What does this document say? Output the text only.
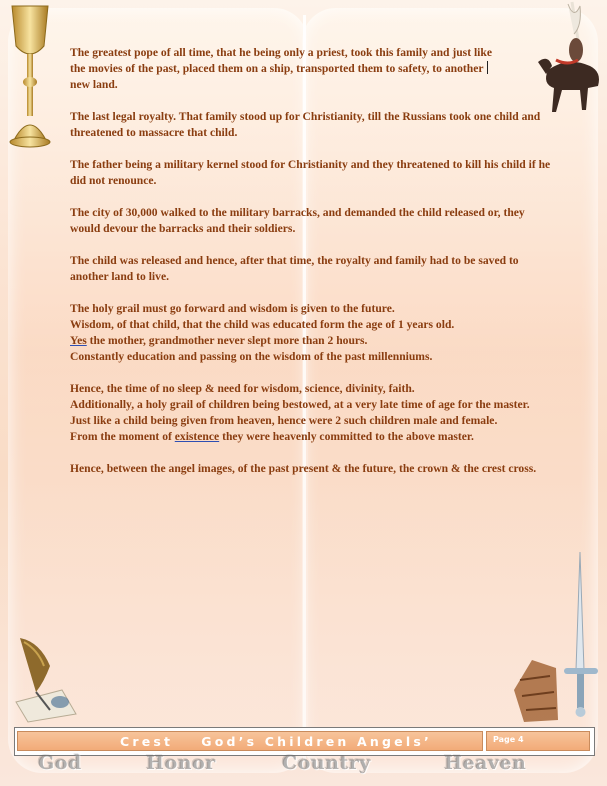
The greatest pope of all time, that he being only a priest, took this family and just like
the movies of the past, placed them on a ship, transported them to safety, to another
new land.

The last legal royalty. That family stood up for Christianity, till the Russians took one child and
threatened to massacre that child.

The father being a military kernel stood for Christianity and they threatened to kill his child if he
did not renounce.

The city of 30,000 walked to the military barracks, and demanded the child released or, they
would devour the barracks and their soldiers.

The child was released and hence, after that time, the royalty and family had to be saved to
another land to live.

The holy grail must go forward and wisdom is given to the future.
Wisdom, of that child, that the child was educated form the age of 1 years old.
Yes the mother, grandmother never slept more than 2 hours.
Constantly education and passing on the wisdom of the past millenniums.

Hence, the time of no sleep & need for wisdom, science, divinity, faith.
Additionally, a holy grail of children being bestowed, at a very late time of age for the master.
Just like a child being given from heaven, hence were 2 such children male and female.
From the moment of existence they were heavenly committed to the above master.

Hence, between the angel images, of the past present & the future, the crown & the crest cross.

Crest God’s Children Angels’	Page 4
God	Honor	Country	Heaven
